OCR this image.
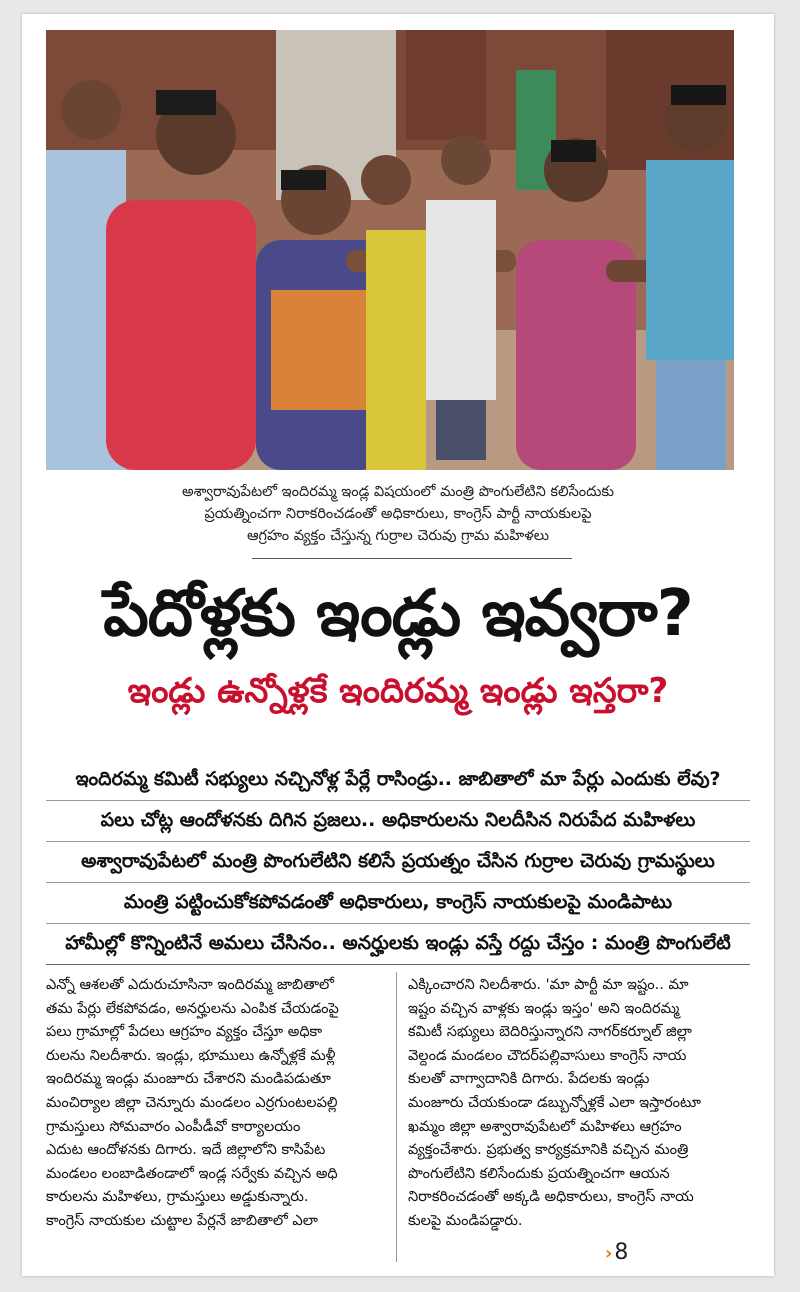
అశ్వారావుపేటలో ఇందిరమ్మ ఇండ్ల విషయంలో మంత్రి పొంగులేటిని కలిసేందుకు
ప్రయత్నించగా నిరాకరించడంతో అధికారులు, కాంగ్రెస్ పార్టీ నాయకులపై
ఆగ్రహం వ్యక్తం చేస్తున్న గుర్రాల చెరువు గ్రామ మహిళలు
పేదోళ్లకు ఇండ్లు ఇవ్వరా?
ఇండ్లు ఉన్నోళ్లకే ఇందిరమ్మ ఇండ్లు ఇస్తరా?
ఇందిరమ్మ కమిటీ సభ్యులు నచ్చినోళ్ల పేర్లే రాసిండ్రు.. జాబితాలో మా పేర్లు ఎందుకు లేవు?
పలు చోట్ల ఆందోళనకు దిగిన ప్రజలు.. అధికారులను నిలదీసిన నిరుపేద మహిళలు
అశ్వారావుపేటలో మంత్రి పొంగులేటిని కలిసే ప్రయత్నం చేసిన గుర్రాల చెరువు గ్రామస్థులు
మంత్రి పట్టించుకోకపోవడంతో అధికారులు, కాంగ్రెస్ నాయకులపై మండిపాటు
హామీల్లో కొన్నింటినే అమలు చేసినం.. అనర్హులకు ఇండ్లు వస్తే రద్దు చేస్తం : మంత్రి పొంగులేటి
ఎన్నో ఆశలతో ఎదురుచూసినా ఇందిరమ్మ జాబితాలో
తమ పేర్లు లేకపోవడం, అనర్హులను ఎంపిక చేయడంపై
పలు గ్రామాల్లో పేదలు ఆగ్రహం వ్యక్తం చేస్తూ అధికా
రులను నిలదీశారు. ఇండ్లు, భూములు ఉన్నోళ్లకే మళ్లీ
ఇందిరమ్మ ఇండ్లు మంజూరు చేశారని మండిపడుతూ
మంచిర్యాల జిల్లా చెన్నూరు మండలం ఎర్రగుంటలపల్లి
గ్రామస్తులు సోమవారం ఎంపీడీవో కార్యాలయం
ఎదుట ఆందోళనకు దిగారు. ఇదే జిల్లాలోని కాసిపేట
మండలం లంబాడితండాలో ఇండ్ల సర్వేకు వచ్చిన అధి
కారులను మహిళలు, గ్రామస్తులు అడ్డుకున్నారు.
కాంగ్రెస్ నాయకుల చుట్టాల పేర్లనే జాబితాలో ఎలా
ఎక్కించారని నిలదీశారు. 'మా పార్టీ మా ఇష్టం.. మా
ఇష్టం వచ్చిన వాళ్లకు ఇండ్లు ఇస్తం' అని ఇందిరమ్మ
కమిటీ సభ్యులు బెదిరిస్తున్నారని నాగర్‌కర్నూల్ జిల్లా
వెల్దండ మండలం చౌదర్‌పల్లివాసులు కాంగ్రెస్ నాయ
కులతో వాగ్వాదానికి దిగారు. పేదలకు ఇండ్లు
మంజూరు చేయకుండా డబ్బున్నోళ్లకే ఎలా ఇస్తారంటూ
ఖమ్మం జిల్లా అశ్వారావుపేటలో మహిళలు ఆగ్రహం
వ్యక్తంచేశారు. ప్రభుత్వ కార్యక్రమానికి వచ్చిన మంత్రి
పొంగులేటిని కలిసేందుకు ప్రయత్నించగా ఆయన
నిరాకరించడంతో అక్కడి అధికారులు, కాంగ్రెస్ నాయ
కులపై మండిపడ్డారు.
›8
